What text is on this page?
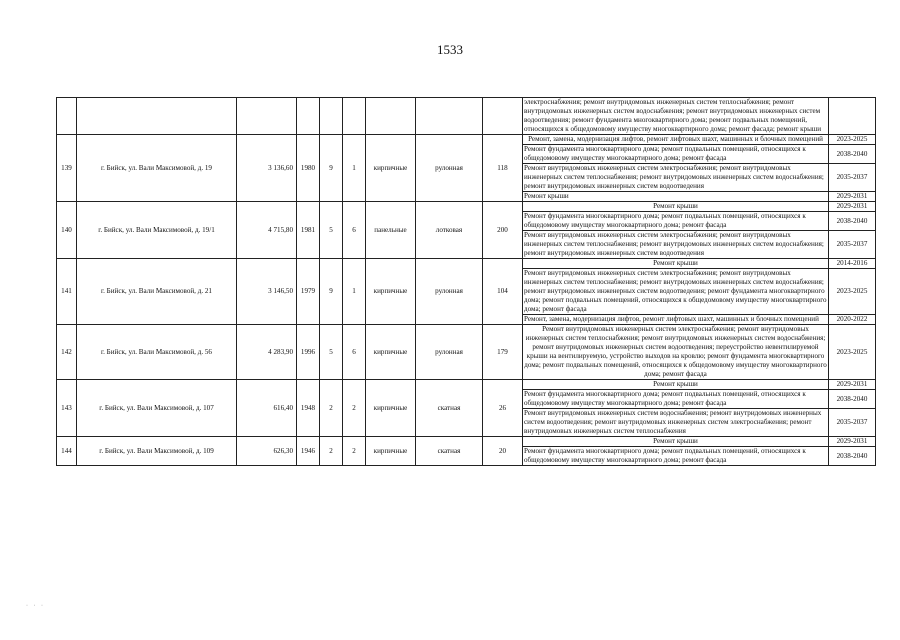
1533
									электроснабжения; ремонт внутридомовых инженерных систем теплоснабжения; ремонт внутридомовых инженерных систем водоснабжения; ремонт внутридомовых инженерных систем водоотведения; ремонт фундамента многоквартирного дома; ремонт подвальных помещений, относящихся к общедомовому имуществу многоквартирного дома; ремонт фасада; ремонт крыши	
139	г. Бийск, ул. Вали Максимовой, д. 19	3 136,60	1980	9	1	кирпичные	рулонная	118	Ремонт, замена, модернизация лифтов, ремонт лифтовых шахт, машинных и блочных помещений	2023-2025
									Ремонт фундамента многоквартирного дома; ремонт подвальных помещений, относящихся к общедомовому имуществу многоквартирного дома; ремонт фасада	2038-2040
									Ремонт внутридомовых инженерных систем электроснабжения; ремонт внутридомовых инженерных систем теплоснабжения; ремонт внутридомовых инженерных систем водоснабжения; ремонт внутридомовых инженерных систем водоотведения	2035-2037
									Ремонт крыши	2029-2031
140	г. Бийск, ул. Вали Максимовой, д. 19/1	4 715,80	1981	5	6	панельные	лотковая	200	Ремонт крыши	2029-2031
									Ремонт фундамента многоквартирного дома; ремонт подвальных помещений, относящихся к общедомовому имуществу многоквартирного дома; ремонт фасада	2038-2040
									Ремонт внутридомовых инженерных систем электроснабжения; ремонт внутридомовых инженерных систем теплоснабжения; ремонт внутридомовых инженерных систем водоснабжения; ремонт внутридомовых инженерных систем водоотведения	2035-2037
141	г. Бийск, ул. Вали Максимовой, д. 21	3 146,50	1979	9	1	кирпичные	рулонная	104	Ремонт крыши	2014-2016
									Ремонт внутридомовых инженерных систем электроснабжения; ремонт внутридомовых инженерных систем теплоснабжения; ремонт внутридомовых инженерных систем водоснабжения; ремонт внутридомовых инженерных систем водоотведения; ремонт фундамента многоквартирного дома; ремонт подвальных помещений, относящихся к общедомовому имуществу многоквартирного дома; ремонт фасада	2023-2025
									Ремонт, замена, модернизация лифтов, ремонт лифтовых шахт, машинных и блочных помещений	2020-2022
142	г. Бийск, ул. Вали Максимовой, д. 56	4 283,90	1996	5	6	кирпичные	рулонная	179	Ремонт внутридомовых инженерных систем электроснабжения; ремонт внутридомовых инженерных систем теплоснабжения; ремонт внутридомовых инженерных систем водоснабжения; ремонт внутридомовых инженерных систем водоотведения; переустройство невентилируемой крыши на вентилируемую, устройство выходов на кровлю; ремонт фундамента многоквартирного дома; ремонт подвальных помещений, относящихся к общедомовому имуществу многоквартирного дома; ремонт фасада	2023-2025
143	г. Бийск, ул. Вали Максимовой, д. 107	616,40	1948	2	2	кирпичные	скатная	26	Ремонт крыши	2029-2031
									Ремонт фундамента многоквартирного дома; ремонт подвальных помещений, относящихся к общедомовому имуществу многоквартирного дома; ремонт фасада	2038-2040
									Ремонт внутридомовых инженерных систем водоснабжения; ремонт внутридомовых инженерных систем водоотведения; ремонт внутридомовых инженерных систем электроснабжения; ремонт внутридомовых инженерных систем теплоснабжения	2035-2037
144	г. Бийск, ул. Вали Максимовой, д. 109	626,30	1946	2	2	кирпичные	скатная	20	Ремонт крыши	2029-2031
									Ремонт фундамента многоквартирного дома; ремонт подвальных помещений, относящихся к общедомовому имуществу многоквартирного дома; ремонт фасада	2038-2040
· · ·
